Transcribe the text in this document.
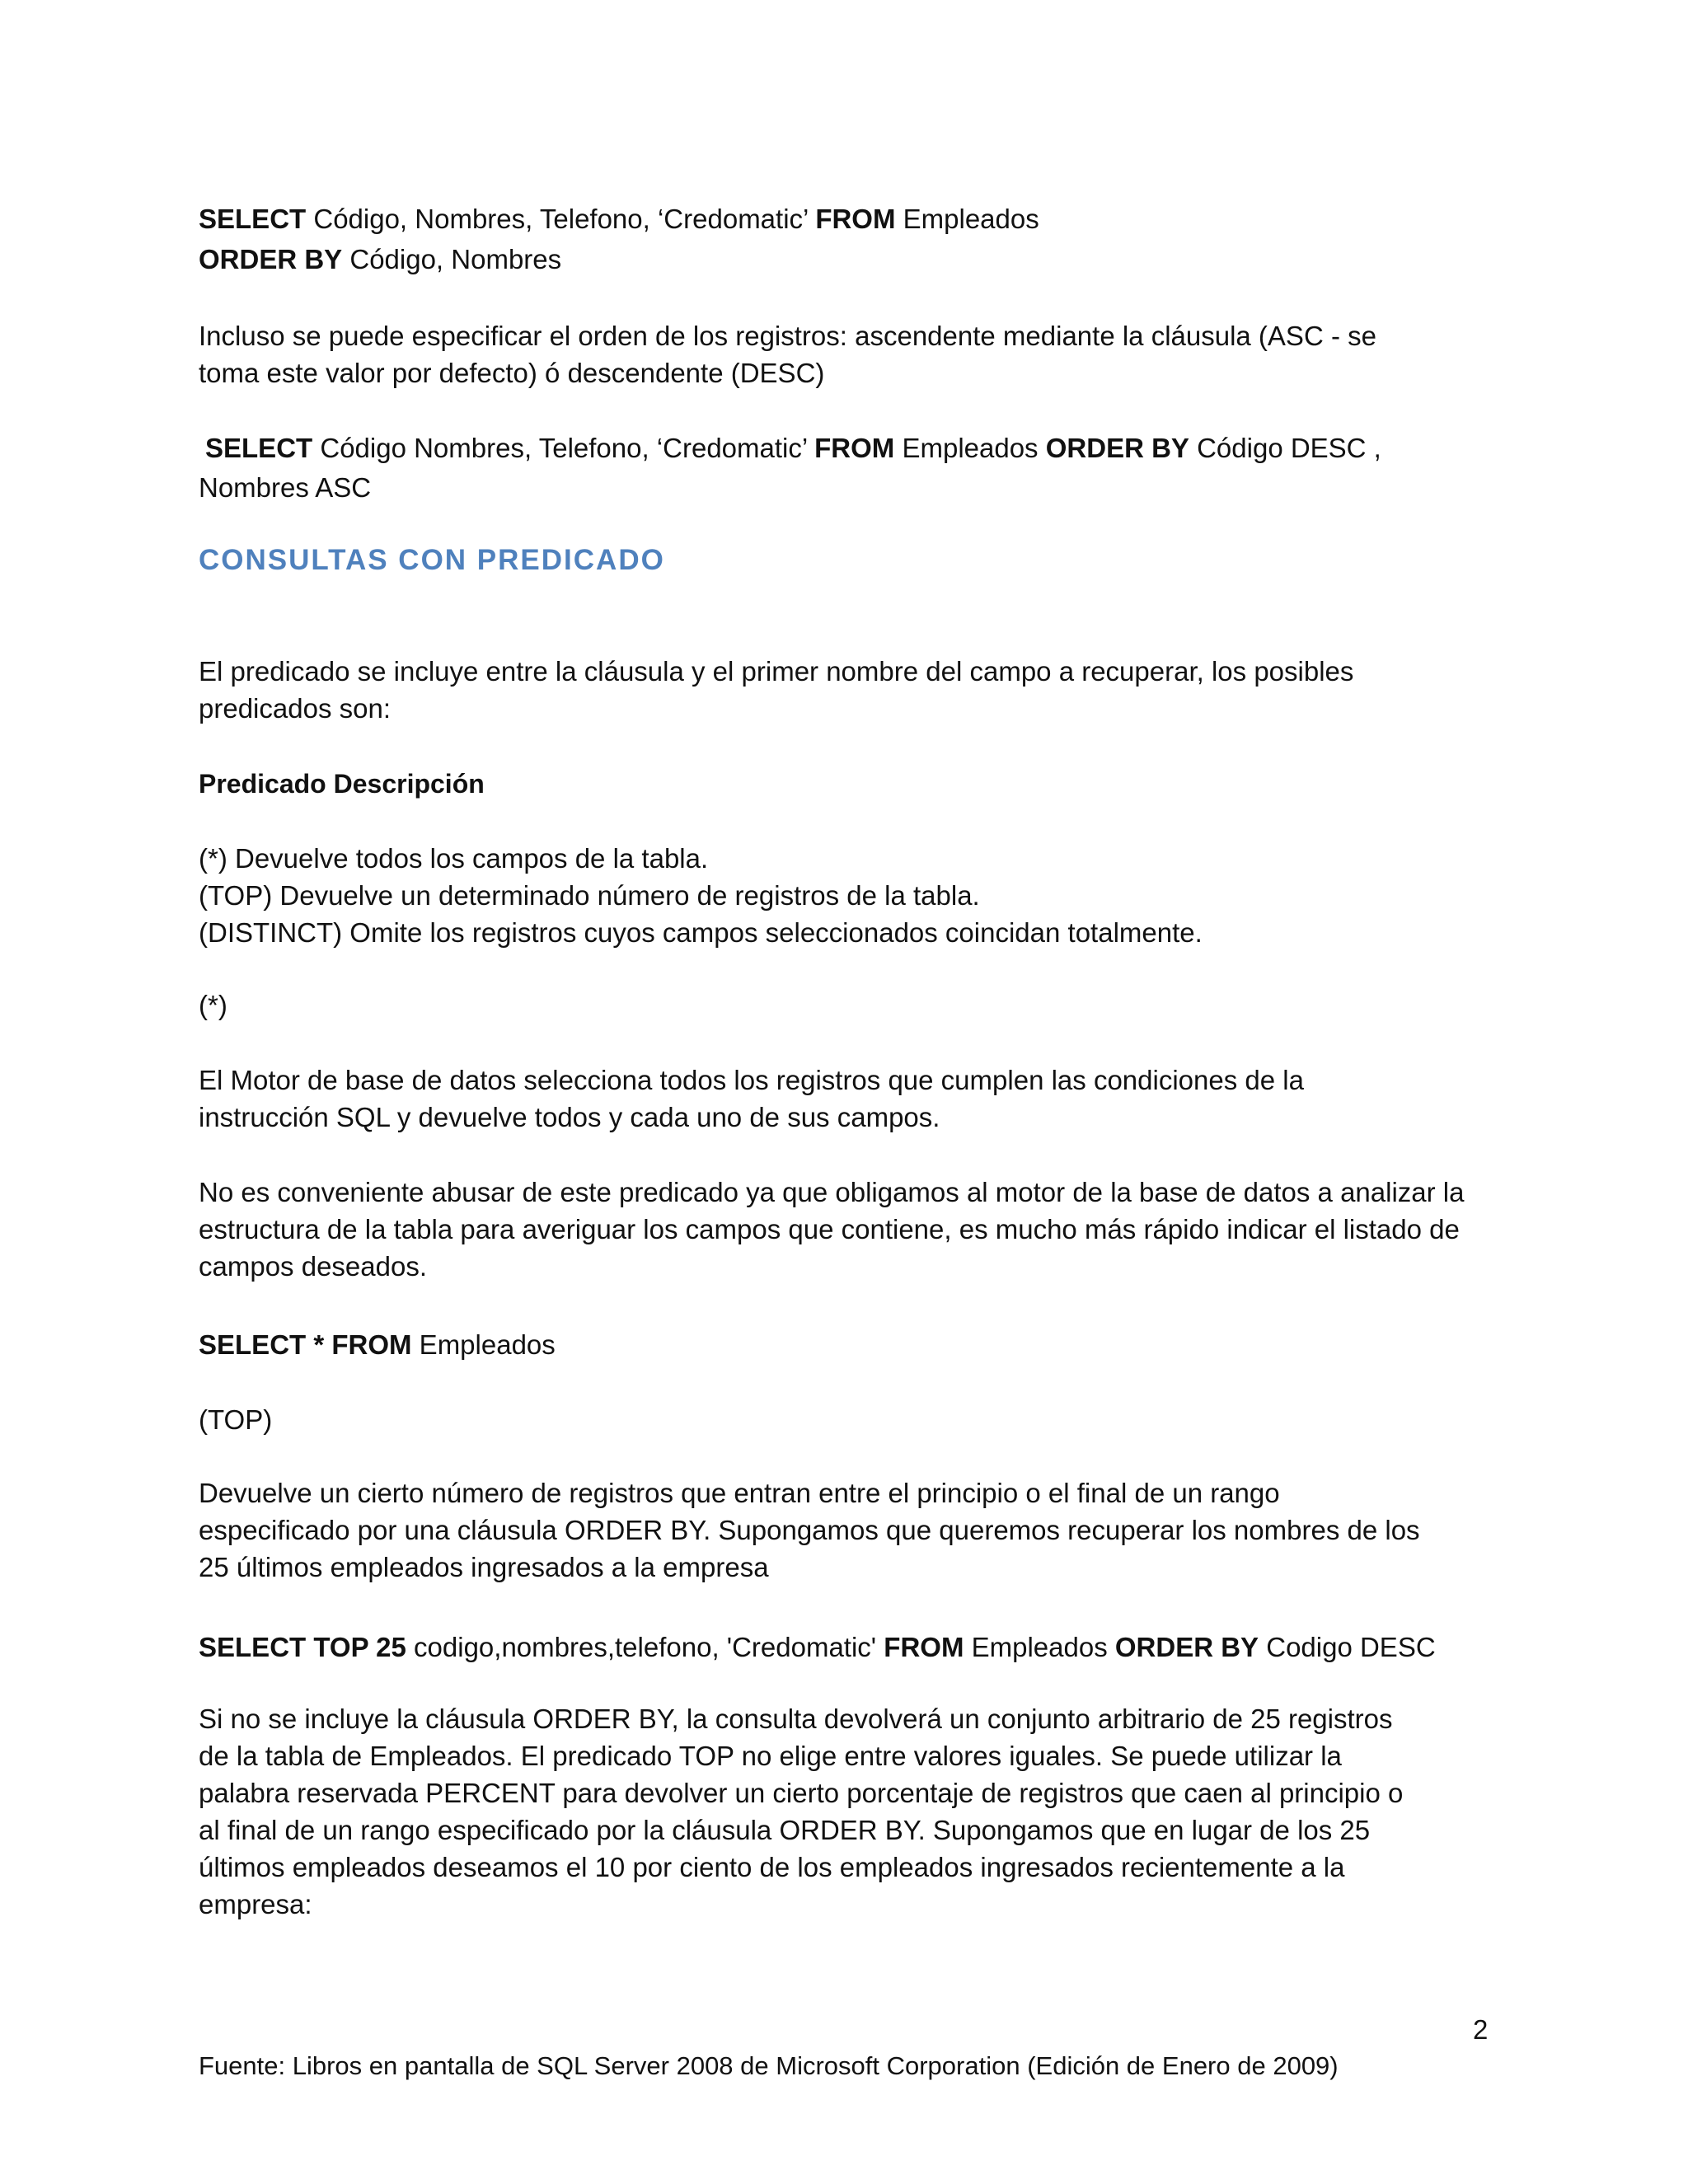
SELECT Código, Nombres, Telefono, ‘Credomatic’ FROM Empleados
ORDER BY Código, Nombres
Incluso se puede especificar el orden de los registros: ascendente mediante la cláusula (ASC - se
toma este valor por defecto) ó descendente (DESC)
SELECT Código Nombres, Telefono, ‘Credomatic’ FROM Empleados ORDER BY Código DESC ,
Nombres ASC
CONSULTAS CON PREDICADO
El predicado se incluye entre la cláusula y el primer nombre del campo a recuperar, los posibles
predicados son:
Predicado Descripción
(*) Devuelve todos los campos de la tabla.
(TOP) Devuelve un determinado número de registros de la tabla.
(DISTINCT) Omite los registros cuyos campos seleccionados coincidan totalmente.
(*)
El Motor de base de datos selecciona todos los registros que cumplen las condiciones de la
instrucción SQL y devuelve todos y cada uno de sus campos.
No es conveniente abusar de este predicado ya que obligamos al motor de la base de datos a analizar la
estructura de la tabla para averiguar los campos que contiene, es mucho más rápido indicar el listado de
campos deseados.
SELECT * FROM Empleados
(TOP)
Devuelve un cierto número de registros que entran entre el principio o el final de un rango
especificado por una cláusula ORDER BY. Supongamos que queremos recuperar los nombres de los
25 últimos empleados ingresados a la empresa
SELECT TOP 25 codigo,nombres,telefono, 'Credomatic' FROM Empleados ORDER BY Codigo DESC
Si no se incluye la cláusula ORDER BY, la consulta devolverá un conjunto arbitrario de 25 registros
de la tabla de Empleados. El predicado TOP no elige entre valores iguales. Se puede utilizar la
palabra reservada PERCENT para devolver un cierto porcentaje de registros que caen al principio o
al final de un rango especificado por la cláusula ORDER BY. Supongamos que en lugar de los 25
últimos empleados deseamos el 10 por ciento de los empleados ingresados recientemente a la
empresa:
2
Fuente: Libros en pantalla de SQL Server 2008 de Microsoft Corporation (Edición de Enero de 2009)
